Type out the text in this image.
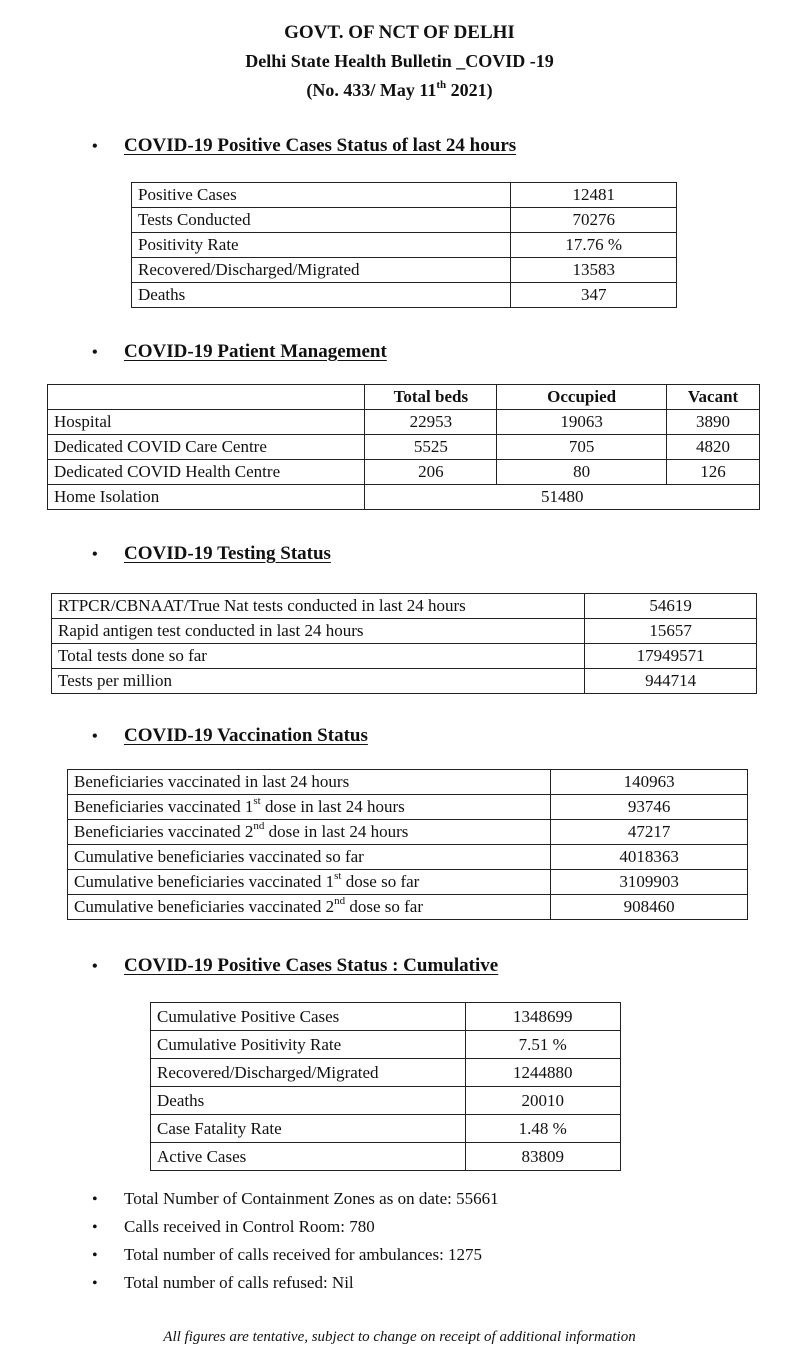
GOVT. OF NCT OF DELHI
Delhi State Health Bulletin _COVID -19
(No. 433/ May 11th 2021)
• COVID-19 Positive Cases Status of last 24 hours
Positive Cases	12481
Tests Conducted	70276
Positivity Rate	17.76 %
Recovered/Discharged/Migrated	13583
Deaths	347
• COVID-19 Patient Management
	Total beds	Occupied	Vacant
Hospital	22953	19063	3890
Dedicated COVID Care Centre	5525	705	4820
Dedicated COVID Health Centre	206	80	126
Home Isolation	51480		
• COVID-19 Testing Status
RTPCR/CBNAAT/True Nat tests conducted in last 24 hours	54619
Rapid antigen test conducted in last 24 hours	15657
Total tests done so far	17949571
Tests per million	944714
• COVID-19 Vaccination Status
Beneficiaries vaccinated in last 24 hours	140963
Beneficiaries vaccinated 1st dose in last 24 hours	93746
Beneficiaries vaccinated 2nd dose in last 24 hours	47217
Cumulative beneficiaries vaccinated so far	4018363
Cumulative beneficiaries vaccinated 1st dose so far	3109903
Cumulative beneficiaries vaccinated 2nd dose so far	908460
• COVID-19 Positive Cases Status : Cumulative
Cumulative Positive Cases	1348699
Cumulative Positivity Rate	7.51 %
Recovered/Discharged/Migrated	1244880
Deaths	20010
Case Fatality Rate	1.48 %
Active Cases	83809
• Total Number of Containment Zones as on date: 55661
• Calls received in Control Room: 780
• Total number of calls received for ambulances: 1275
• Total number of calls refused: Nil
All figures are tentative, subject to change on receipt of additional information
